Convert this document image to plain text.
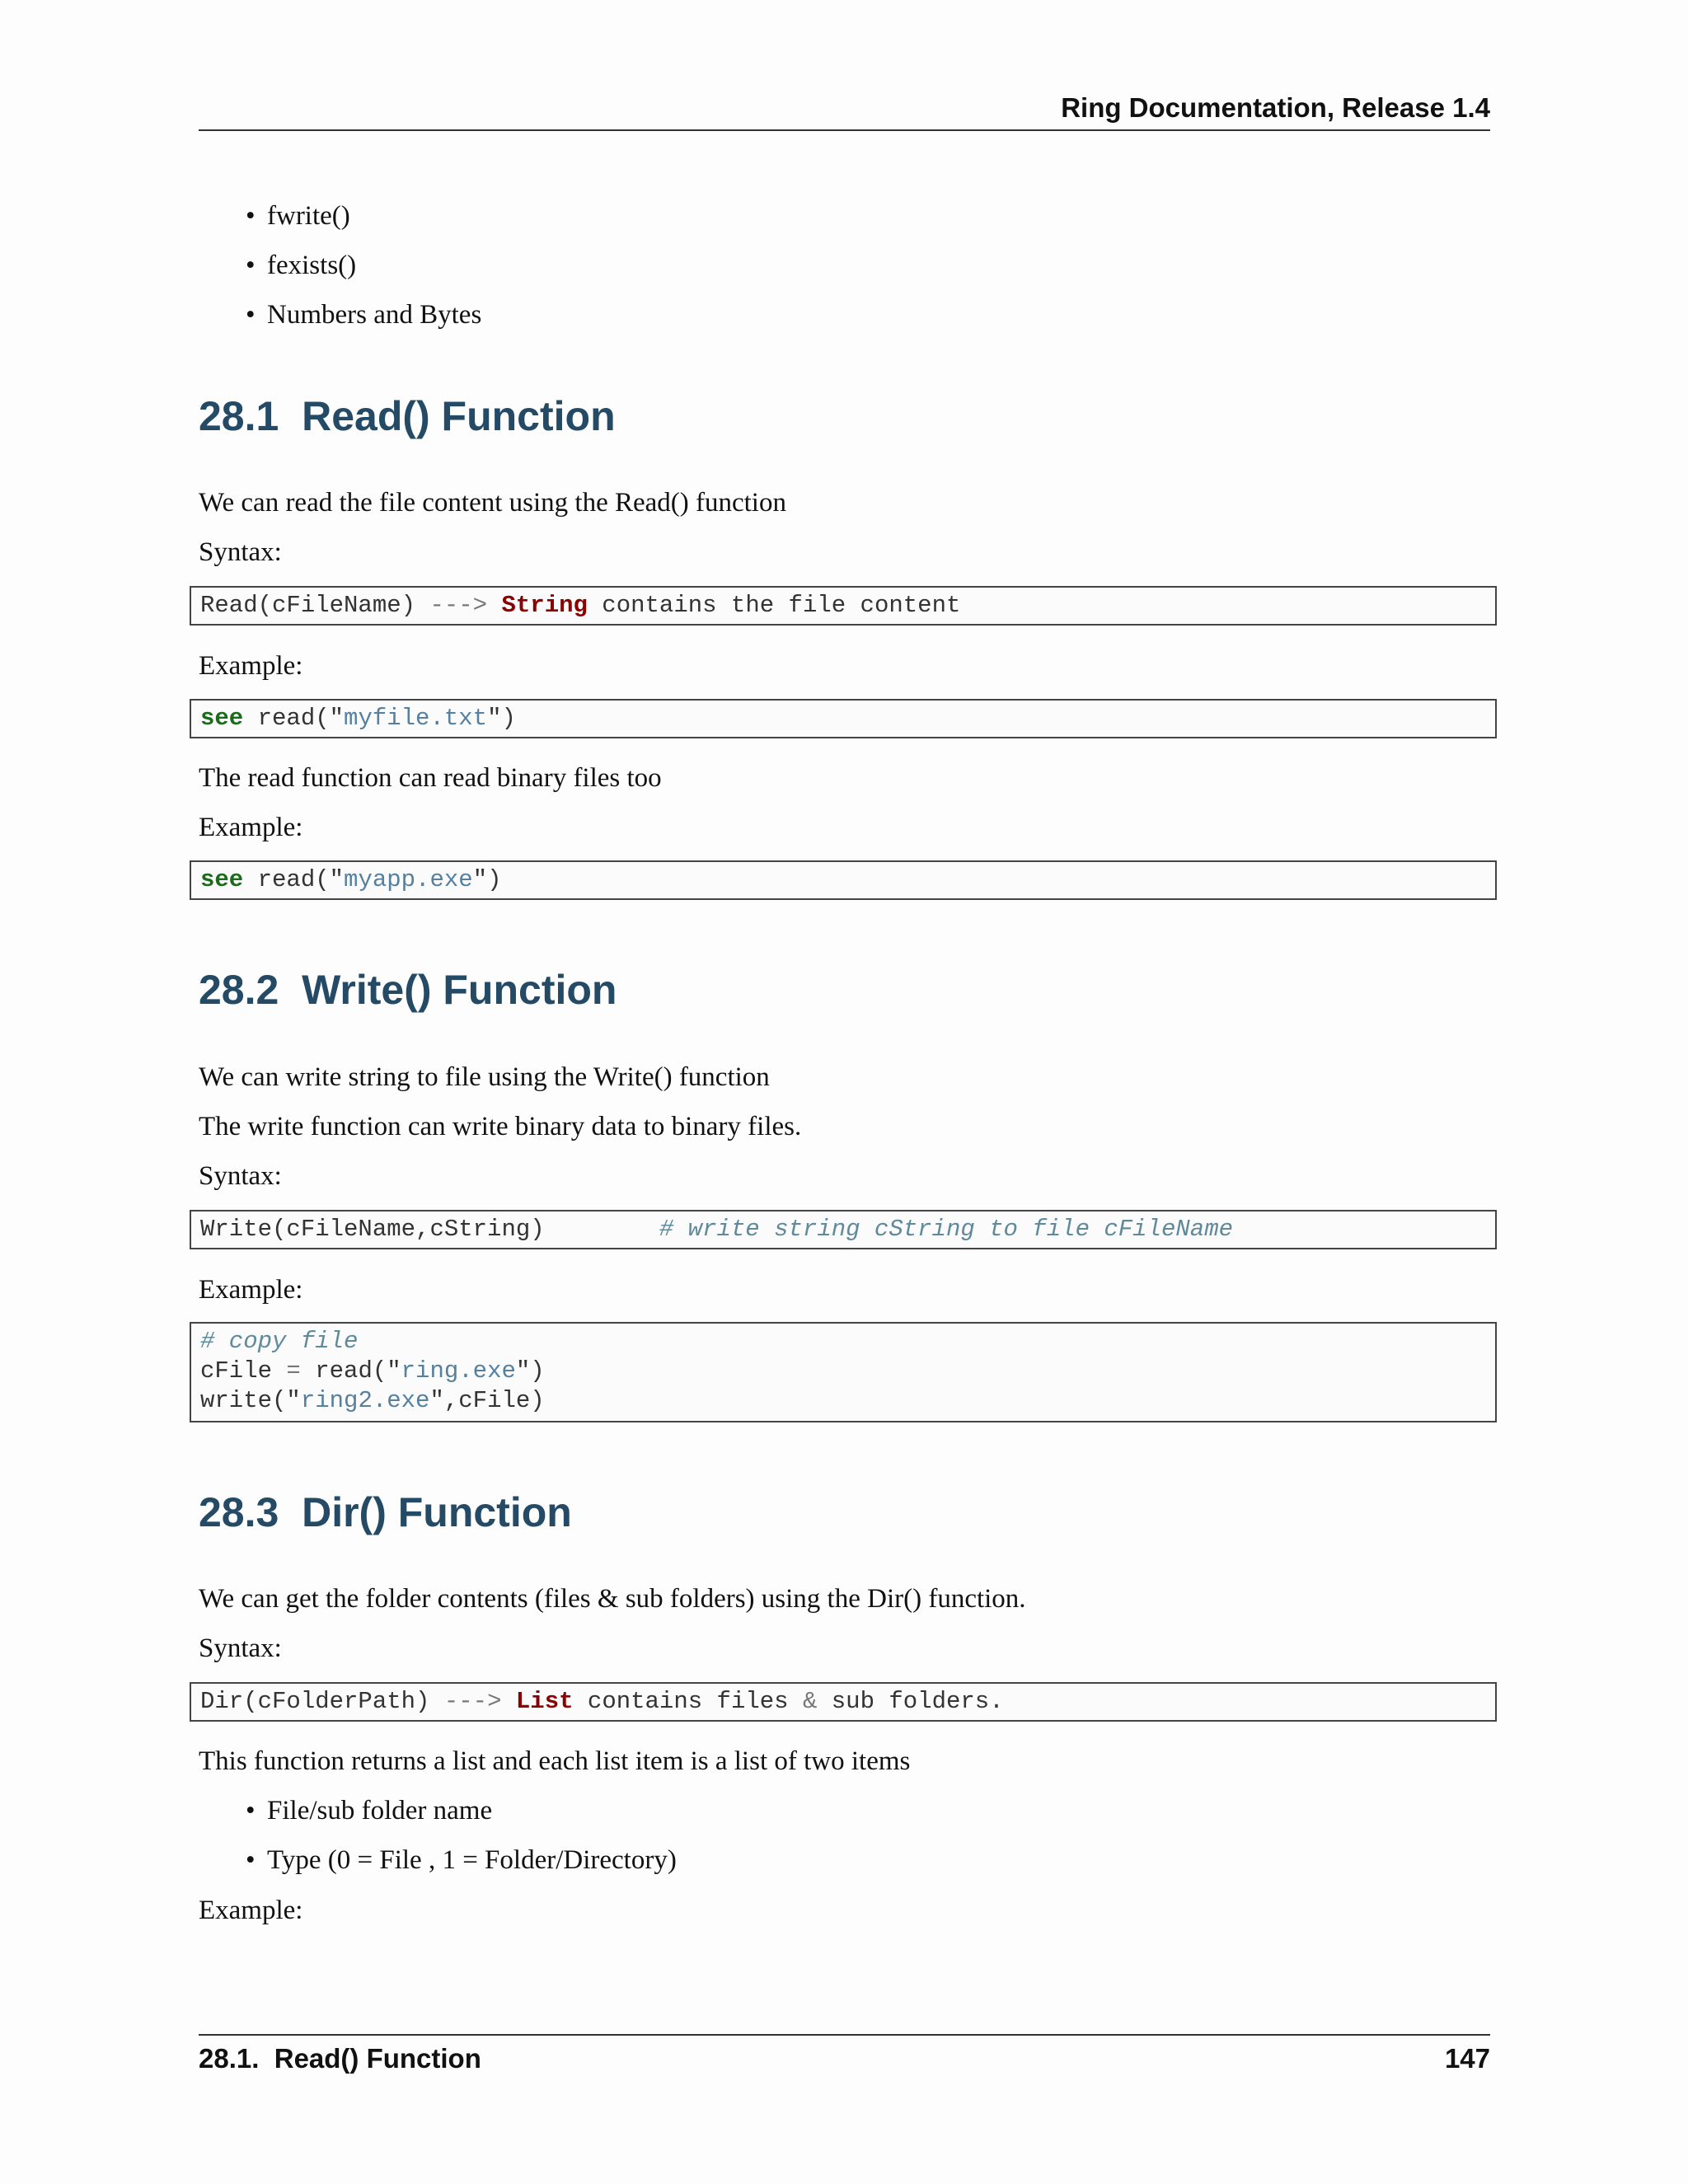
Ring Documentation, Release 1.4
• fwrite()
• fexists()
• Numbers and Bytes
28.1  Read() Function
We can read the file content using the Read() function
Syntax:
Read(cFileName) ---> String contains the file content
Example:
see read("myfile.txt")
The read function can read binary files too
Example:
see read("myapp.exe")
28.2  Write() Function
We can write string to file using the Write() function
The write function can write binary data to binary files.
Syntax:
Write(cFileName,cString)        # write string cString to file cFileName
Example:
# copy file
cFile = read("ring.exe")
write("ring2.exe",cFile)
28.3  Dir() Function
We can get the folder contents (files & sub folders) using the Dir() function.
Syntax:
Dir(cFolderPath) ---> List contains files & sub folders.
This function returns a list and each list item is a list of two items
• File/sub folder name
• Type (0 = File , 1 = Folder/Directory)
Example:
28.1.  Read() Function	147
